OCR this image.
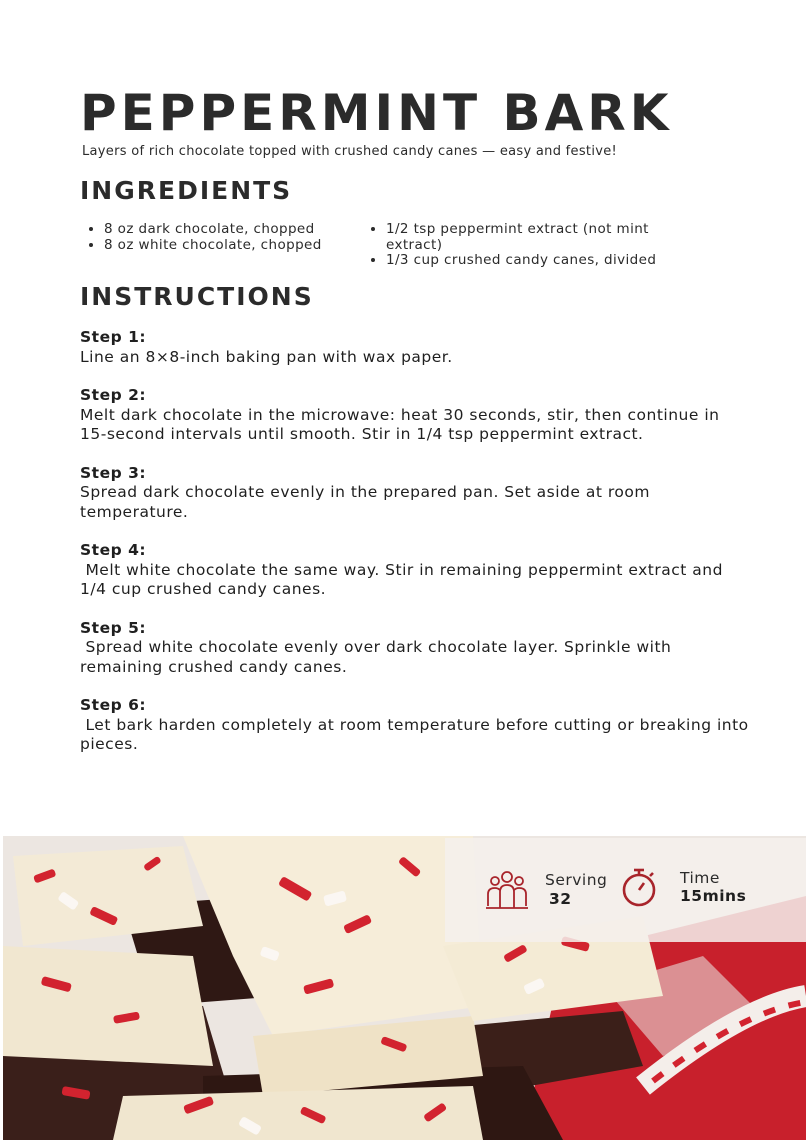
PEPPERMINT BARK

Layers of rich chocolate topped with crushed candy canes — easy and festive!

INGREDIENTS
• 8 oz dark chocolate, chopped
• 8 oz white chocolate, chopped
• 1/2 tsp peppermint extract (not mint extract)
• 1/3 cup crushed candy canes, divided
INSTRUCTIONS
Step 1:
Line an 8×8-inch baking pan with wax paper.
Step 2:
Melt dark chocolate in the microwave: heat 30 seconds, stir, then continue in 15-second intervals until smooth. Stir in 1/4 tsp peppermint extract.
Step 3:
Spread dark chocolate evenly in the prepared pan. Set aside at room temperature.
Step 4:
Melt white chocolate the same way. Stir in remaining peppermint extract and 1/4 cup crushed candy canes.
Step 5:
Spread white chocolate evenly over dark chocolate layer. Sprinkle with remaining crushed candy canes.
Step 6:
Let bark harden completely at room temperature before cutting or breaking into pieces.
Serving
32
Time
15mins
